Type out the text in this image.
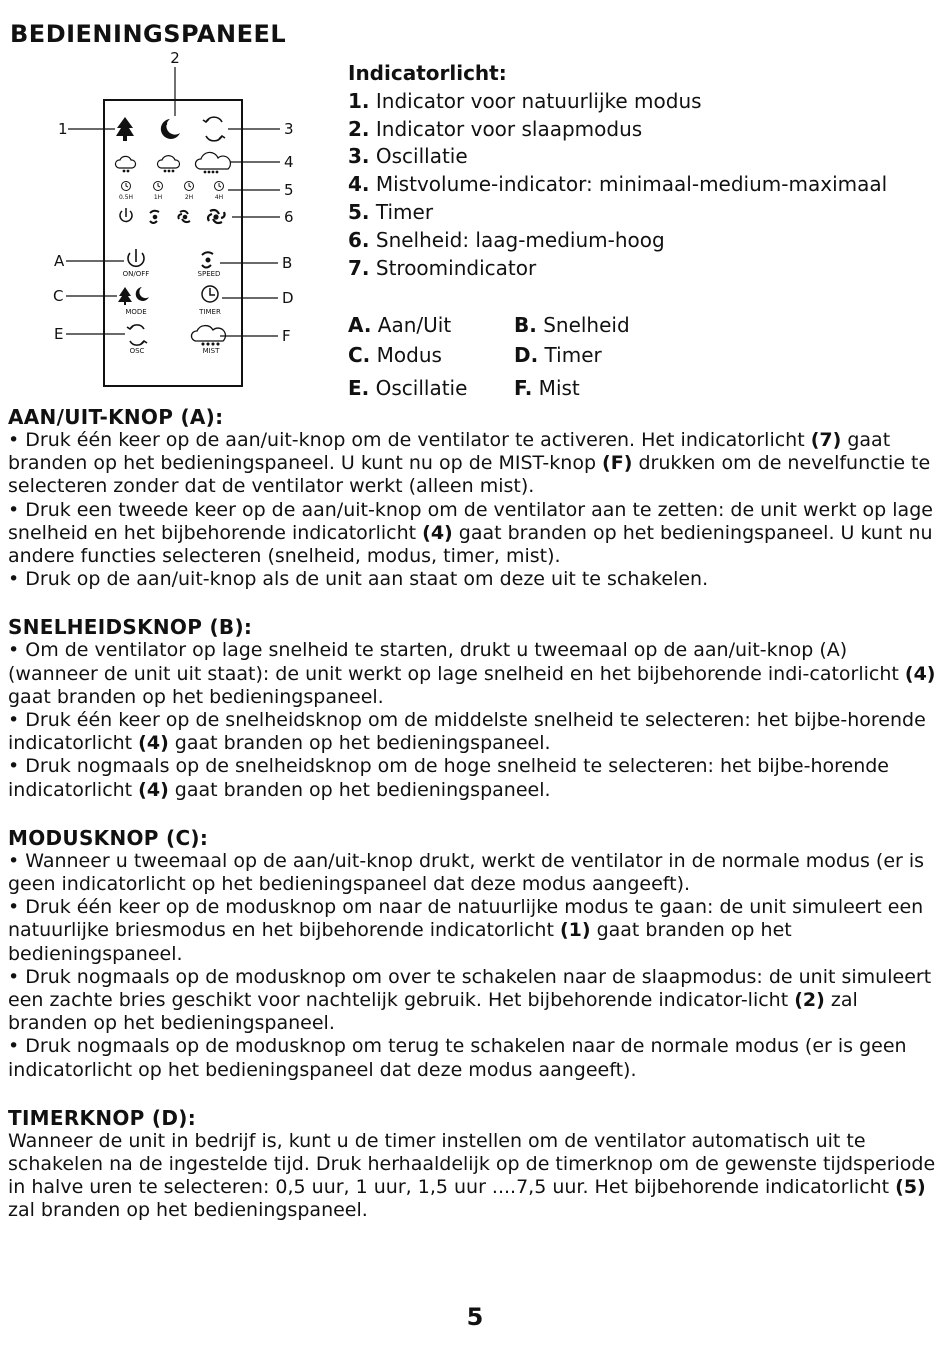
BEDIENINGSPANEEL
2
1	3
4
5
6
A	B
C	D
E	F
0.5H	1H	2H	4H
ON/OFF	SPEED
MODE	TIMER
OSC	MIST
Indicatorlicht:
1. Indicator voor natuurlijke modus
2. Indicator voor slaapmodus
3. Oscillatie
4. Mistvolume-indicator: minimaal-medium-maximaal
5. Timer
6. Snelheid: laag-medium-hoog
7. Stroomindicator
A. Aan/Uit	B. Snelheid
C. Modus	D. Timer
E. Oscillatie	F. Mist
AAN/UIT-KNOP (A):

• Druk één keer op de aan/uit-knop om de ventilator te activeren. Het indicatorlicht (7) gaat branden op het bedieningspaneel. U kunt nu op de MIST-knop (F) drukken om de nevelfunctie te selecteren zonder dat de ventilator werkt (alleen mist).

• Druk een tweede keer op de aan/uit-knop om de ventilator aan te zetten: de unit werkt op lage snelheid en het bijbehorende indicatorlicht (4) gaat branden op het bedieningspaneel. U kunt nu andere functies selecteren (snelheid, modus, timer, mist).

• Druk op de aan/uit-knop als de unit aan staat om deze uit te schakelen.

SNELHEIDSKNOP (B):

• Om de ventilator op lage snelheid te starten, drukt u tweemaal op de aan/uit-knop (A) (wanneer de unit uit staat): de unit werkt op lage snelheid en het bijbehorende indi-catorlicht (4) gaat branden op het bedieningspaneel.

• Druk één keer op de snelheidsknop om de middelste snelheid te selecteren: het bijbe-horende indicatorlicht (4) gaat branden op het bedieningspaneel.

• Druk nogmaals op de snelheidsknop om de hoge snelheid te selecteren: het bijbe-horende indicatorlicht (4) gaat branden op het bedieningspaneel.

MODUSKNOP (C):

• Wanneer u tweemaal op de aan/uit-knop drukt, werkt de ventilator in de normale modus (er is geen indicatorlicht op het bedieningspaneel dat deze modus aangeeft).

• Druk één keer op de modusknop om naar de natuurlijke modus te gaan: de unit simuleert een natuurlijke briesmodus en het bijbehorende indicatorlicht (1) gaat branden op het bedieningspaneel.

• Druk nogmaals op de modusknop om over te schakelen naar de slaapmodus: de unit simuleert een zachte bries geschikt voor nachtelijk gebruik. Het bijbehorende indicator-licht (2) zal branden op het bedieningspaneel.

• Druk nogmaals op de modusknop om terug te schakelen naar de normale modus (er is geen indicatorlicht op het bedieningspaneel dat deze modus aangeeft).

TIMERKNOP (D):

Wanneer de unit in bedrijf is, kunt u de timer instellen om de ventilator automatisch uit te schakelen na de ingestelde tijd. Druk herhaaldelijk op de timerknop om de gewenste tijdsperiode in halve uren te selecteren: 0,5 uur, 1 uur, 1,5 uur ....7,5 uur. Het bijbehorende indicatorlicht (5) zal branden op het bedieningspaneel.

5
